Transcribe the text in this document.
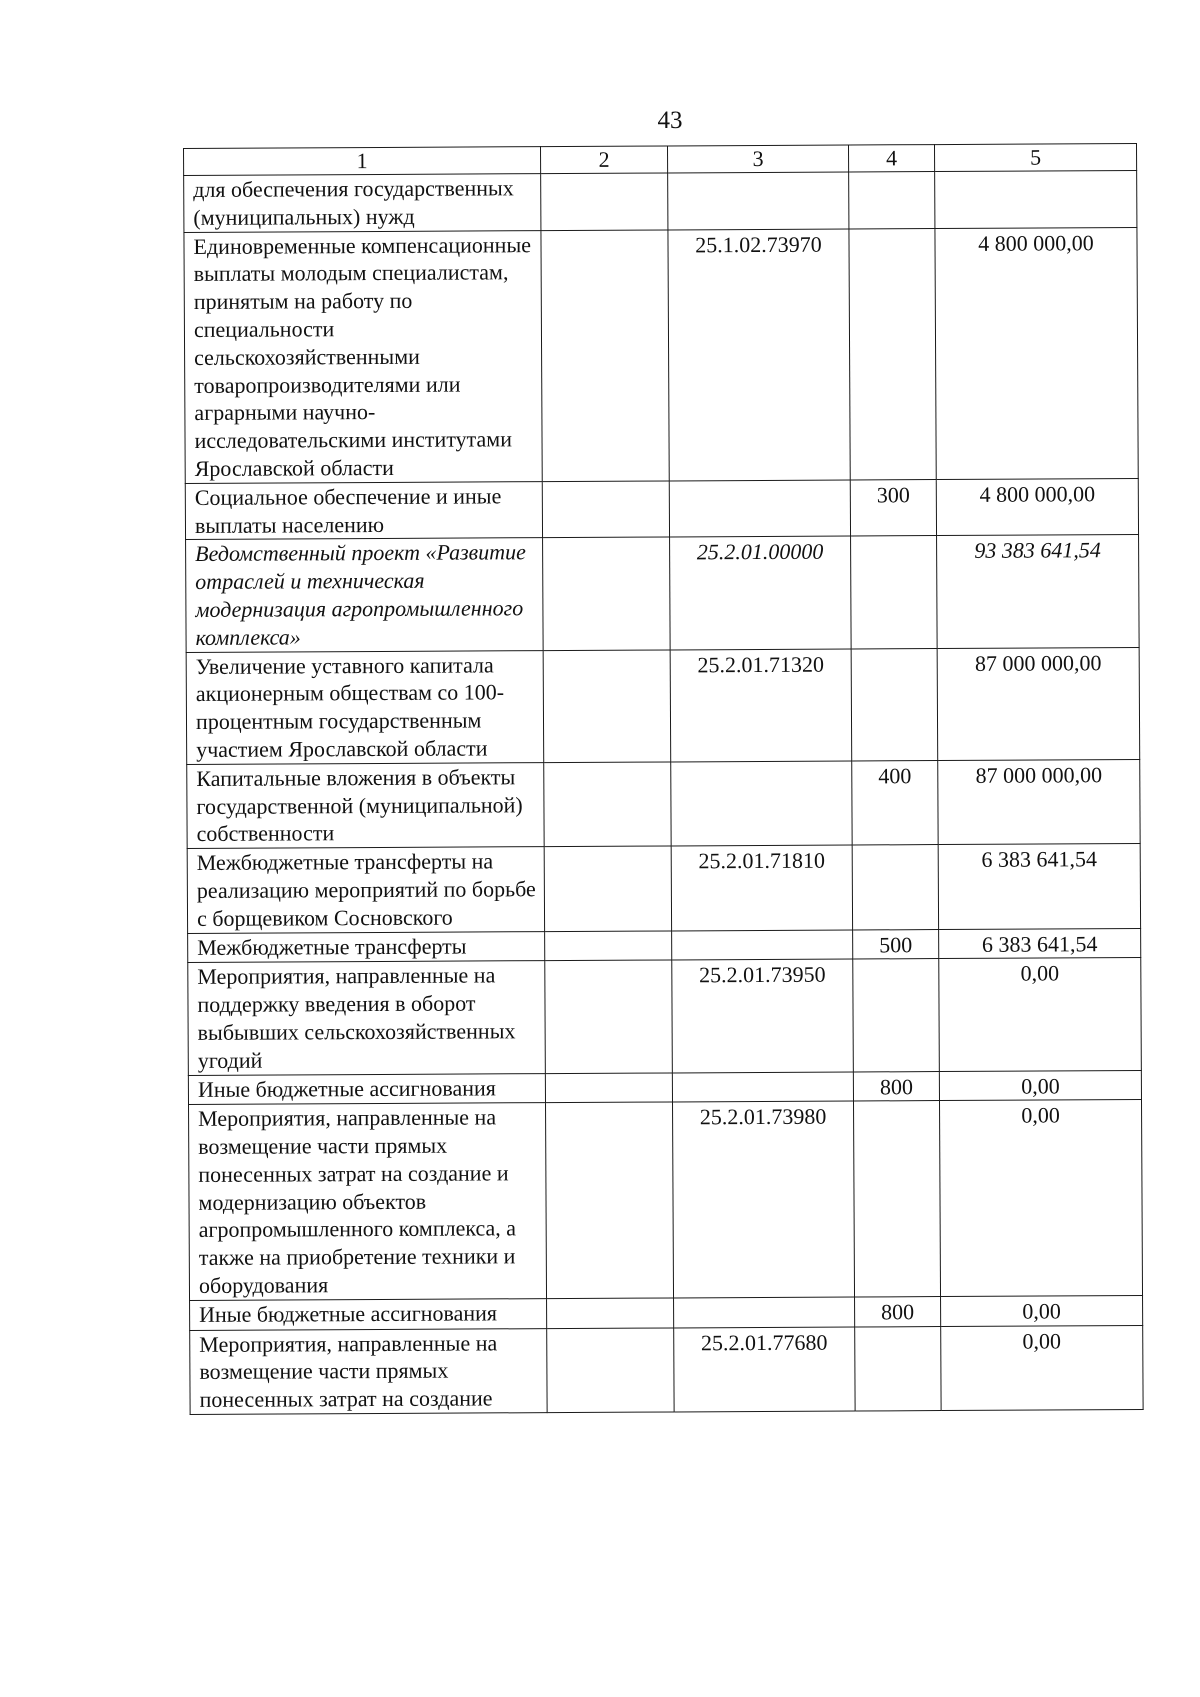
43
1	2	3	4	5
для обеспечения государственных (муниципальных) нужд				
Единовременные компенсационные выплаты молодым специалистам, принятым на работу по специальности сельскохозяйственными товаропроизводителями или аграрными научно-исследовательскими институтами Ярославской области		25.1.02.73970		4 800 000,00
Социальное обеспечение и иные выплаты населению			300	4 800 000,00
Ведомственный проект «Развитие отраслей и техническая модернизация агропромышленного комплекса»		25.2.01.00000		93 383 641,54
Увеличение уставного капитала акционерным обществам со 100-процентным государственным участием Ярославской области		25.2.01.71320		87 000 000,00
Капитальные вложения в объекты государственной (муниципальной) собственности			400	87 000 000,00
Межбюджетные трансферты на реализацию мероприятий по борьбе с борщевиком Сосновского		25.2.01.71810		6 383 641,54
Межбюджетные трансферты			500	6 383 641,54
Мероприятия, направленные на поддержку введения в оборот выбывших сельскохозяйственных угодий		25.2.01.73950		0,00
Иные бюджетные ассигнования			800	0,00
Мероприятия, направленные на возмещение части прямых понесенных затрат на создание и модернизацию объектов агропромышленного комплекса, а также на приобретение техники и оборудования		25.2.01.73980		0,00
Иные бюджетные ассигнования			800	0,00
Мероприятия, направленные на возмещение части прямых понесенных затрат на создание		25.2.01.77680		0,00
